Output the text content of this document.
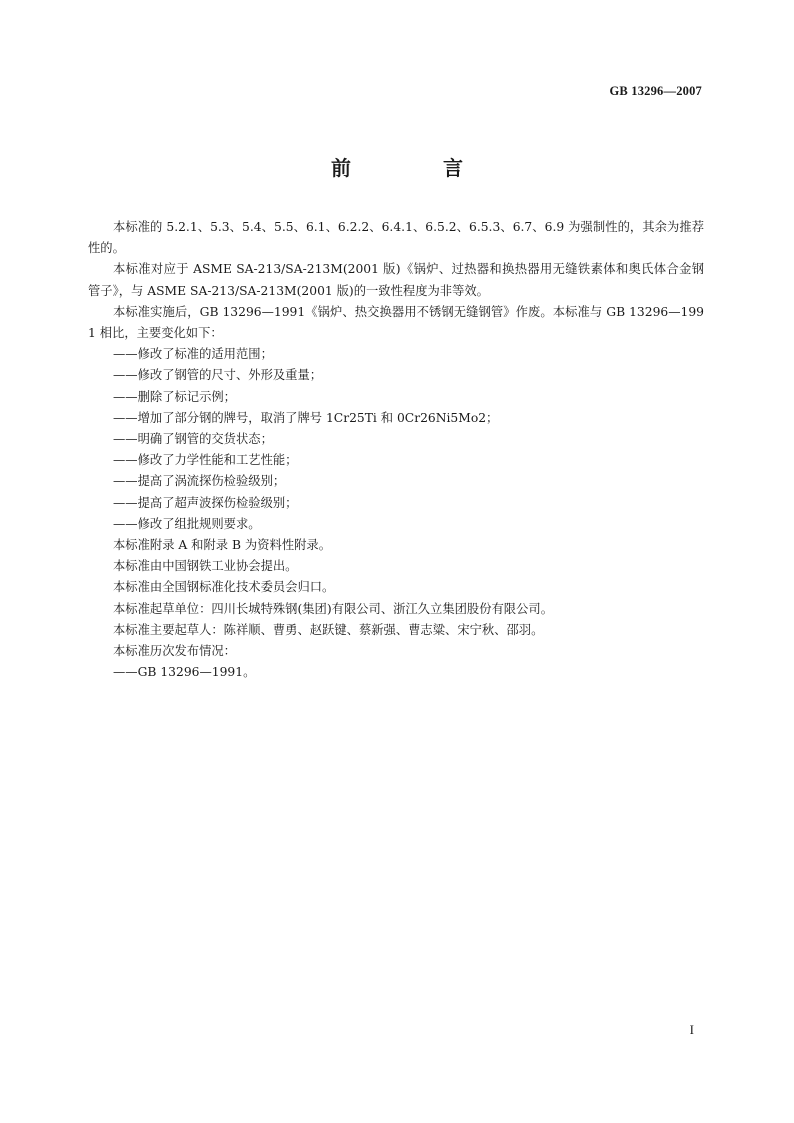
GB 13296—2007
前　言

本标准的 5.2.1、5.3、5.4、5.5、6.1、6.2.2、6.4.1、6.5.2、6.5.3、6.7、6.9 为强制性的，其余为推荐性的。

本标准对应于 ASME SA-213/SA-213M(2001 版)《锅炉、过热器和换热器用无缝铁素体和奥氏体合金钢管子》，与 ASME SA-213/SA-213M(2001 版)的一致性程度为非等效。

本标准实施后，GB 13296—1991《锅炉、热交换器用不锈钢无缝钢管》作废。本标准与 GB 13296—1991 相比，主要变化如下：

——修改了标准的适用范围；

——修改了钢管的尺寸、外形及重量；

——删除了标记示例；

——增加了部分钢的牌号，取消了牌号 1Cr25Ti 和 0Cr26Ni5Mo2；

——明确了钢管的交货状态；

——修改了力学性能和工艺性能；

——提高了涡流探伤检验级别；

——提高了超声波探伤检验级别；

——修改了组批规则要求。

本标准附录 A 和附录 B 为资料性附录。

本标准由中国钢铁工业协会提出。

本标准由全国钢标准化技术委员会归口。

本标准起草单位：四川长城特殊钢(集团)有限公司、浙江久立集团股份有限公司。

本标准主要起草人：陈祥顺、曹勇、赵跃键、蔡新强、曹志粱、宋宁秋、邵羽。

本标准历次发布情况：

——GB 13296—1991。

I
